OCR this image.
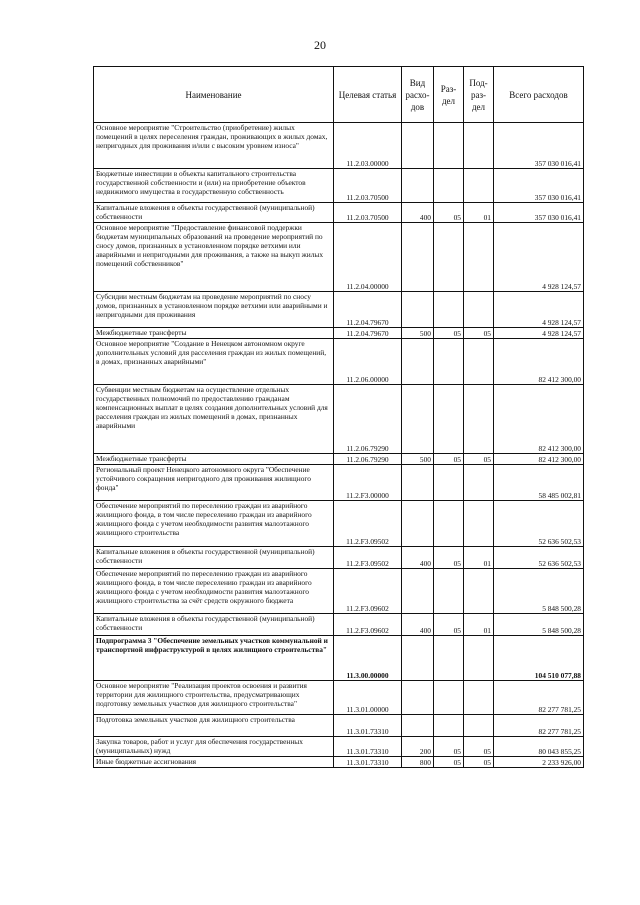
20
Наименование	Целевая статья	Вид расхо-дов	Раз-дел	Под-раз-дел	Всего расходов
Основное мероприятие "Строительство (приобретение) жилых помещений в целях переселения граждан, проживающих в жилых домах, непригодных для проживания и/или с высоким уровнем износа"	11.2.03.00000				357 030 016,41
Бюджетные инвестиции в объекты капитального строительства государственной собственности и (или) на приобретение объектов недвижимого имущества в государственную собственность	11.2.03.70500				357 030 016,41
Капитальные вложения в объекты государственной (муниципальной) собственности	11.2.03.70500	400	05	01	357 030 016,41
Основное мероприятие "Предоставление финансовой поддержки бюджетам муниципальных образований на проведение мероприятий по сносу домов, признанных в установленном порядке ветхими или аварийными и непригодными для проживания, а также на выкуп жилых помещений собственников"	11.2.04.00000				4 928 124,57
Субсидии местным бюджетам на проведение мероприятий по сносу домов, признанных в установленном порядке ветхими или аварийными и непригодными для проживания	11.2.04.79670				4 928 124,57
Межбюджетные трансферты	11.2.04.79670	500	05	05	4 928 124,57
Основное мероприятие "Создание в Ненецком автономном округе дополнительных условий для расселения граждан из жилых помещений, в домах, признанных аварийными"	11.2.06.00000				82 412 300,00
Субвенции местным бюджетам на осуществление отдельных государственных полномочий по предоставлению гражданам компенсационных выплат в целях создания дополнительных условий для расселения граждан из жилых помещений в домах, признанных аварийными	11.2.06.79290				82 412 300,00
Межбюджетные трансферты	11.2.06.79290	500	05	05	82 412 300,00
Региональный проект Ненецкого автономного округа "Обеспечение устойчивого сокращения непригодного для проживания жилищного фонда"	11.2.F3.00000				58 485 002,81
Обеспечение мероприятий по переселению граждан из аварийного жилищного фонда, в том числе переселению граждан из аварийного жилищного фонда с учетом необходимости развития малоэтажного жилищного строительства	11.2.F3.09502				52 636 502,53
Капитальные вложения в объекты государственной (муниципальной) собственности	11.2.F3.09502	400	05	01	52 636 502,53
Обеспечение мероприятий по переселению граждан из аварийного жилищного фонда, в том числе переселению граждан из аварийного жилищного фонда с учетом необходимости развития малоэтажного жилищного строительства за счёт средств окружного бюджета	11.2.F3.09602				5 848 500,28
Капитальные вложения в объекты государственной (муниципальной) собственности	11.2.F3.09602	400	05	01	5 848 500,28
Подпрограмма 3 "Обеспечение земельных участков коммунальной и транспортной инфраструктурой в целях жилищного строительства"	11.3.00.00000				104 510 077,88
Основное мероприятие "Реализация проектов освоения и развития территории для жилищного строительства, предусматривающих подготовку земельных участков для жилищного строительства"	11.3.01.00000				82 277 781,25
Подготовка земельных участков для жилищного строительства	11.3.01.73310				82 277 781,25
Закупка товаров, работ и услуг для обеспечения государственных (муниципальных) нужд	11.3.01.73310	200	05	05	80 043 855,25
Иные бюджетные ассигнования	11.3.01.73310	800	05	05	2 233 926,00
